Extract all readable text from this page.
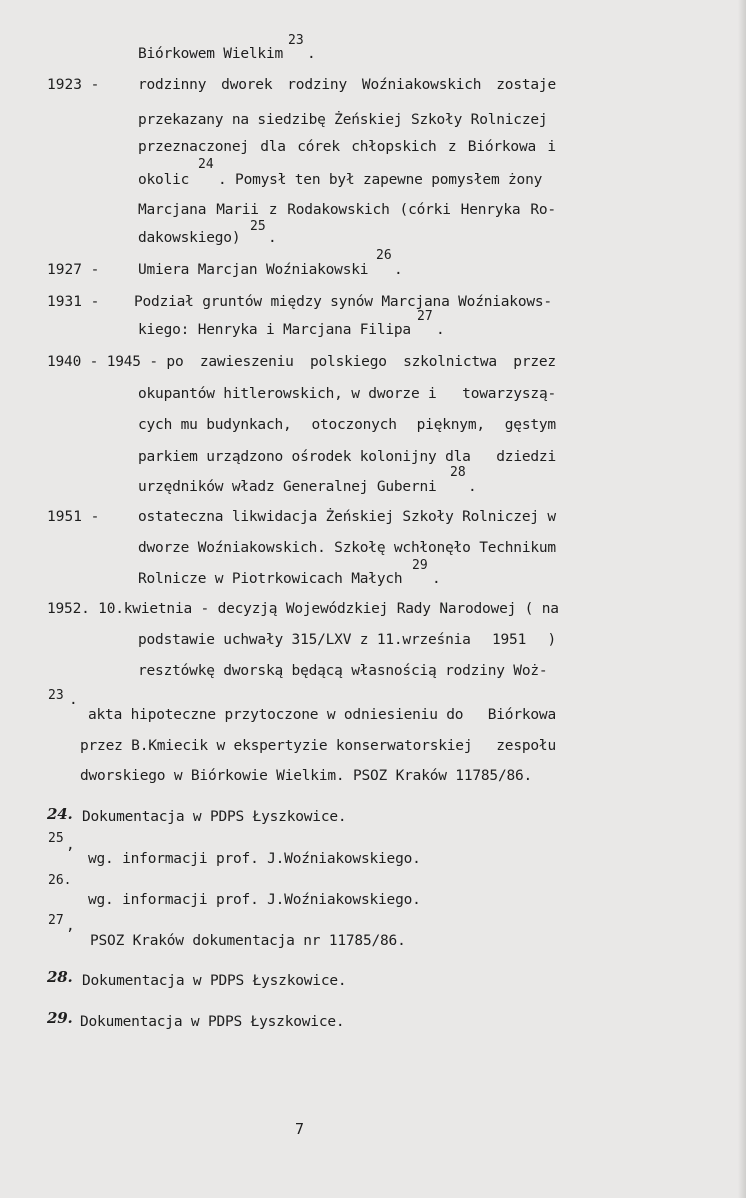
Biórkowem Wielkim
23
.
1923 -	rodzinny dworek rodziny Woźniakowskich zostaje
przekazany na siedzibę Żeńskiej Szkoły Rolniczej
przeznaczonej dla córek chłopskich z Biórkowa i
okolic
24
. Pomysł ten był zapewne pomysłem żony
Marcjana Marii z Rodakowskich (córki Henryka Ro-
dakowskiego)
25
.
1927 -	Umiera Marcjan Woźniakowski
26
.
1931 - Podział gruntów między synów Marcjana Woźniakows-
kiego: Henryka i Marcjana Filipa
27
.
1940 - 1945 - po zawieszeniu polskiego szkolnictwa przez
okupantów hitlerowskich, w dworze i towarzyszą-
cych mu budynkach, otoczonych pięknym, gęstym
parkiem urządzono ośrodek kolonijny dla dziedzi
urzędników władz Generalnej Guberni
28
.
1951 -	ostateczna likwidacja Żeńskiej Szkoły Rolniczej w
dworze Woźniakowskich. Szkołę wchłonęło Technikum
Rolnicze w Piotrkowicach Małych
29
.
1952. 10.kwietnia - decyzją Wojewódzkiej Rady Narodowej ( na
podstawie uchwały 315/LXV z 11.września 1951 )
resztówkę dworską będącą własnością rodziny Woż-
23
·
akta hipoteczne przytoczone w odniesieniu do Biórkowa
przez B.Kmiecik w ekspertyzie konserwatorskiej zespołu
dworskiego w Biórkowie Wielkim. PSOZ Kraków 11785/86.
24. Dokumentacja w PDPS Łyszkowice.
25 ,
wg. informacji prof. J.Woźniakowskiego.
26.
wg. informacji prof. J.Woźniakowskiego.
27 ‚
PSOZ Kraków dokumentacja nr 11785/86.
28. Dokumentacja w PDPS Łyszkowice.
29. Dokumentacja w PDPS Łyszkowice.
7
